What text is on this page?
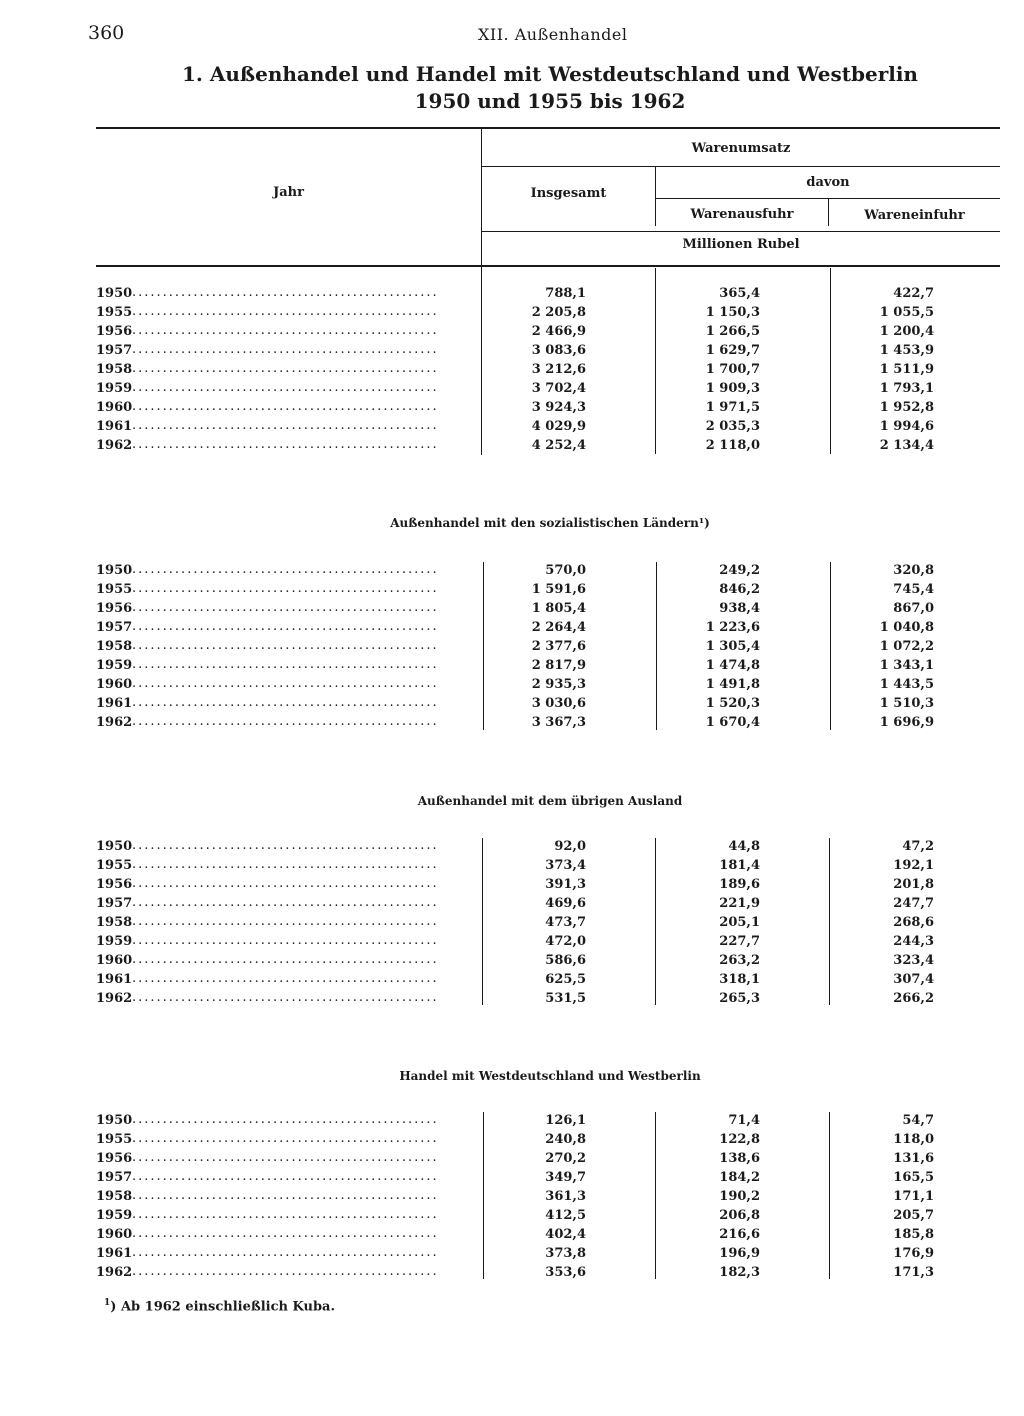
360	XII. Außenhandel
1. Außenhandel und Handel mit Westdeutschland und Westberlin
1950 und 1955 bis 1962
Jahr
Warenumsatz
Insgesamt
davon
Warenausfuhr	Wareneinfuhr
Millionen Rubel
Außenhandel mit den sozialistischen Ländern¹)
Außenhandel mit dem übrigen Ausland
Handel mit Westdeutschland und Westberlin
1950 ..................................................	788,1	365,4	422,7
1955 ..................................................	2 205,8	1 150,3	1 055,5
1956 ..................................................	2 466,9	1 266,5	1 200,4
1957 ..................................................	3 083,6	1 629,7	1 453,9
1958 ..................................................	3 212,6	1 700,7	1 511,9
1959 ..................................................	3 702,4	1 909,3	1 793,1
1960 ..................................................	3 924,3	1 971,5	1 952,8
1961 ..................................................	4 029,9	2 035,3	1 994,6
1962 ..................................................	4 252,4	2 118,0	2 134,4
1950 ..................................................	570,0	249,2	320,8
1955 ..................................................	1 591,6	846,2	745,4
1956 ..................................................	1 805,4	938,4	867,0
1957 ..................................................	2 264,4	1 223,6	1 040,8
1958 ..................................................	2 377,6	1 305,4	1 072,2
1959 ..................................................	2 817,9	1 474,8	1 343,1
1960 ..................................................	2 935,3	1 491,8	1 443,5
1961 ..................................................	3 030,6	1 520,3	1 510,3
1962 ..................................................	3 367,3	1 670,4	1 696,9
1950 ..................................................	92,0	44,8	47,2
1955 ..................................................	373,4	181,4	192,1
1956 ..................................................	391,3	189,6	201,8
1957 ..................................................	469,6	221,9	247,7
1958 ..................................................	473,7	205,1	268,6
1959 ..................................................	472,0	227,7	244,3
1960 ..................................................	586,6	263,2	323,4
1961 ..................................................	625,5	318,1	307,4
1962 ..................................................	531,5	265,3	266,2
1950 ..................................................	126,1	71,4	54,7
1955 ..................................................	240,8	122,8	118,0
1956 ..................................................	270,2	138,6	131,6
1957 ..................................................	349,7	184,2	165,5
1958 ..................................................	361,3	190,2	171,1
1959 ..................................................	412,5	206,8	205,7
1960 ..................................................	402,4	216,6	185,8
1961 ..................................................	373,8	196,9	176,9
1962 ..................................................	353,6	182,3	171,3
$^1$) Ab 1962 einschließlich Kuba.
